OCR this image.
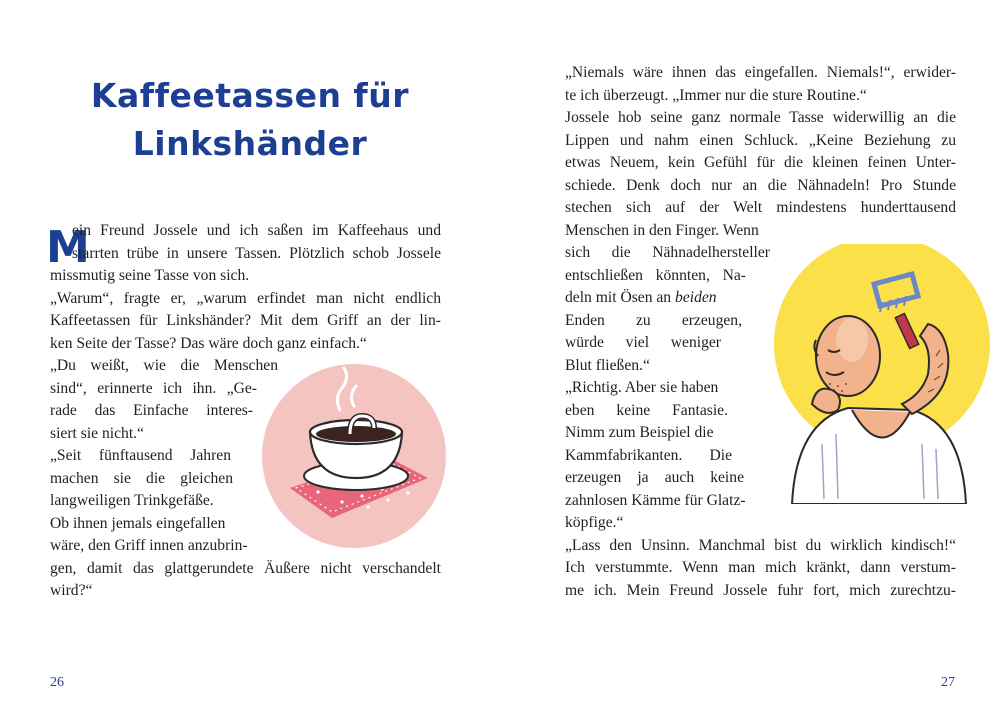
Kaffeetassen für
Linkshänder
M

ein Freund Jossele und ich saßen im Kaffeehaus und

starrten trübe in unsere Tassen. Plötzlich schob Jossele

missmutig seine Tasse von sich.

„Warum“, fragte er, „warum erfindet man nicht endlich

Kaffeetassen für Linkshänder? Mit dem Griff an der lin-

ken Seite der Tasse? Das wäre doch ganz einfach.“

„Du weißt, wie die Menschen

sind“, erinnerte ich ihn. „Ge-

rade das Einfache interes-

siert sie nicht.“

„Seit fünftausend Jahren

machen sie die gleichen

langweiligen Trinkgefäße.

Ob ihnen jemals eingefallen

wäre, den Griff innen anzubrin-

gen, damit das glattgerundete Äußere nicht verschandelt

wird?“

26

„Niemals wäre ihnen das eingefallen. Niemals!“, erwider-

te ich überzeugt. „Immer nur die sture Routine.“

Jossele hob seine ganz normale Tasse widerwillig an die

Lippen und nahm einen Schluck. „Keine Beziehung zu

etwas Neuem, kein Gefühl für die kleinen feinen Unter-

schiede. Denk doch nur an die Nähnadeln! Pro Stunde

stechen sich auf der Welt mindestens hunderttausend

Menschen in den Finger. Wenn

sich die Nähnadelhersteller

entschließen könnten, Na-

deln mit Ösen an beiden

Enden zu erzeugen,

würde viel weniger

Blut fließen.“

„Richtig. Aber sie haben

eben keine Fantasie.

Nimm zum Beispiel die

Kammfabrikanten. Die

erzeugen ja auch keine

zahnlosen Kämme für Glatz-

köpfige.“

„Lass den Unsinn. Manchmal bist du wirklich kindisch!“

Ich verstummte. Wenn man mich kränkt, dann verstum-

me ich. Mein Freund Jossele fuhr fort, mich zurechtzu-

27
